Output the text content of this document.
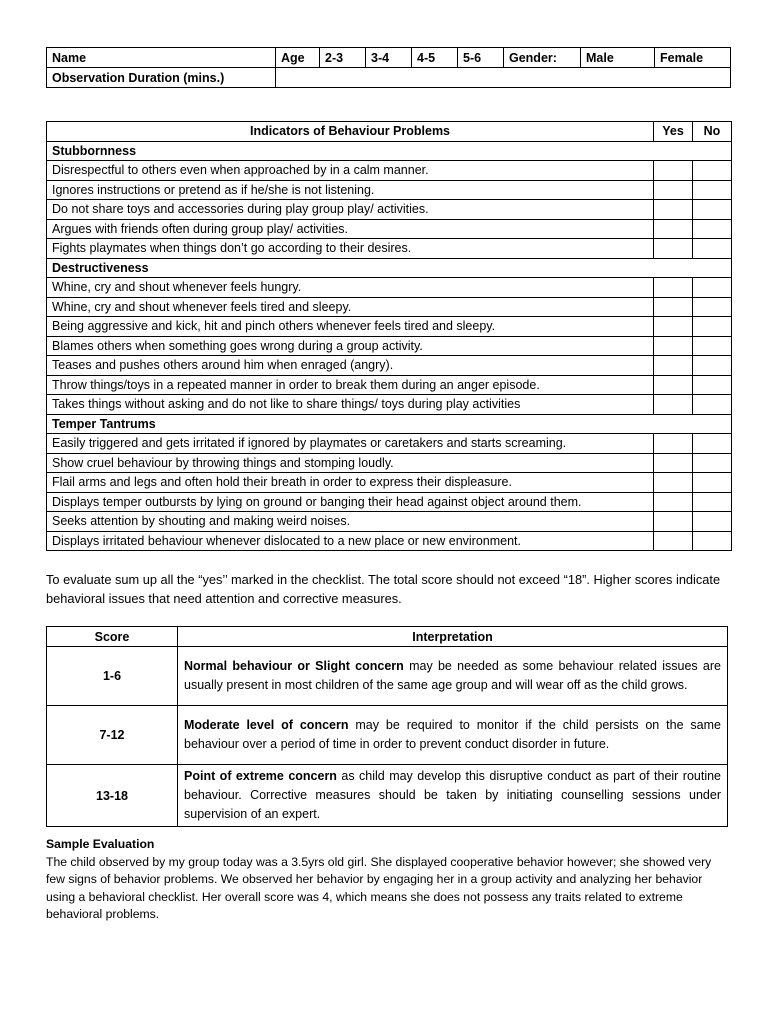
Name	Age	2-3	3-4	4-5	5-6	Gender:	Male	Female
Observation Duration (mins.)								
Indicators of Behaviour Problems	Yes	No
Stubbornness		
Disrespectful to others even when approached by in a calm manner.		
Ignores instructions or pretend as if he/she is not listening.		
Do not share toys and accessories during play group play/ activities.		
Argues with friends often during group play/ activities.		
Fights playmates when things don’t go according to their desires.		
Destructiveness		
Whine, cry and shout whenever feels hungry.		
Whine, cry and shout whenever feels tired and sleepy.		
Being aggressive and kick, hit and pinch others whenever feels tired and sleepy.		
Blames others when something goes wrong during a group activity.		
Teases and pushes others around him when enraged (angry).		
Throw things/toys in a repeated manner in order to break them during an anger episode.		
Takes things without asking and do not like to share things/ toys during play activities		
Temper Tantrums		
Easily triggered and gets irritated if ignored by playmates or caretakers and starts screaming.		
Show cruel behaviour by throwing things and stomping loudly.		
Flail arms and legs and often hold their breath in order to express their displeasure.		
Displays temper outbursts by lying on ground or banging their head against object around them.		
Seeks attention by shouting and making weird noises.		
Displays irritated behaviour whenever dislocated to a new place or new environment.		
To evaluate sum up all the “yes’’ marked in the checklist. The total score should not exceed “18”. Higher scores indicate behavioral issues that need attention and corrective measures.
Score	Interpretation
1-6	Normal behaviour or Slight concern may be needed as some behaviour related issues are usually present in most children of the same age group and will wear off as the child grows.
7-12	Moderate level of concern may be required to monitor if the child persists on the same behaviour over a period of time in order to prevent conduct disorder in future.
13-18	Point of extreme concern as child may develop this disruptive conduct as part of their routine behaviour. Corrective measures should be taken by initiating counselling sessions under supervision of an expert.
Sample Evaluation
The child observed by my group today was a 3.5yrs old girl. She displayed cooperative behavior however; she showed very few signs of behavior problems. We observed her behavior by engaging her in a group activity and analyzing her behavior using a behavioral checklist. Her overall score was 4, which means she does not possess any traits related to extreme behavioral problems.
